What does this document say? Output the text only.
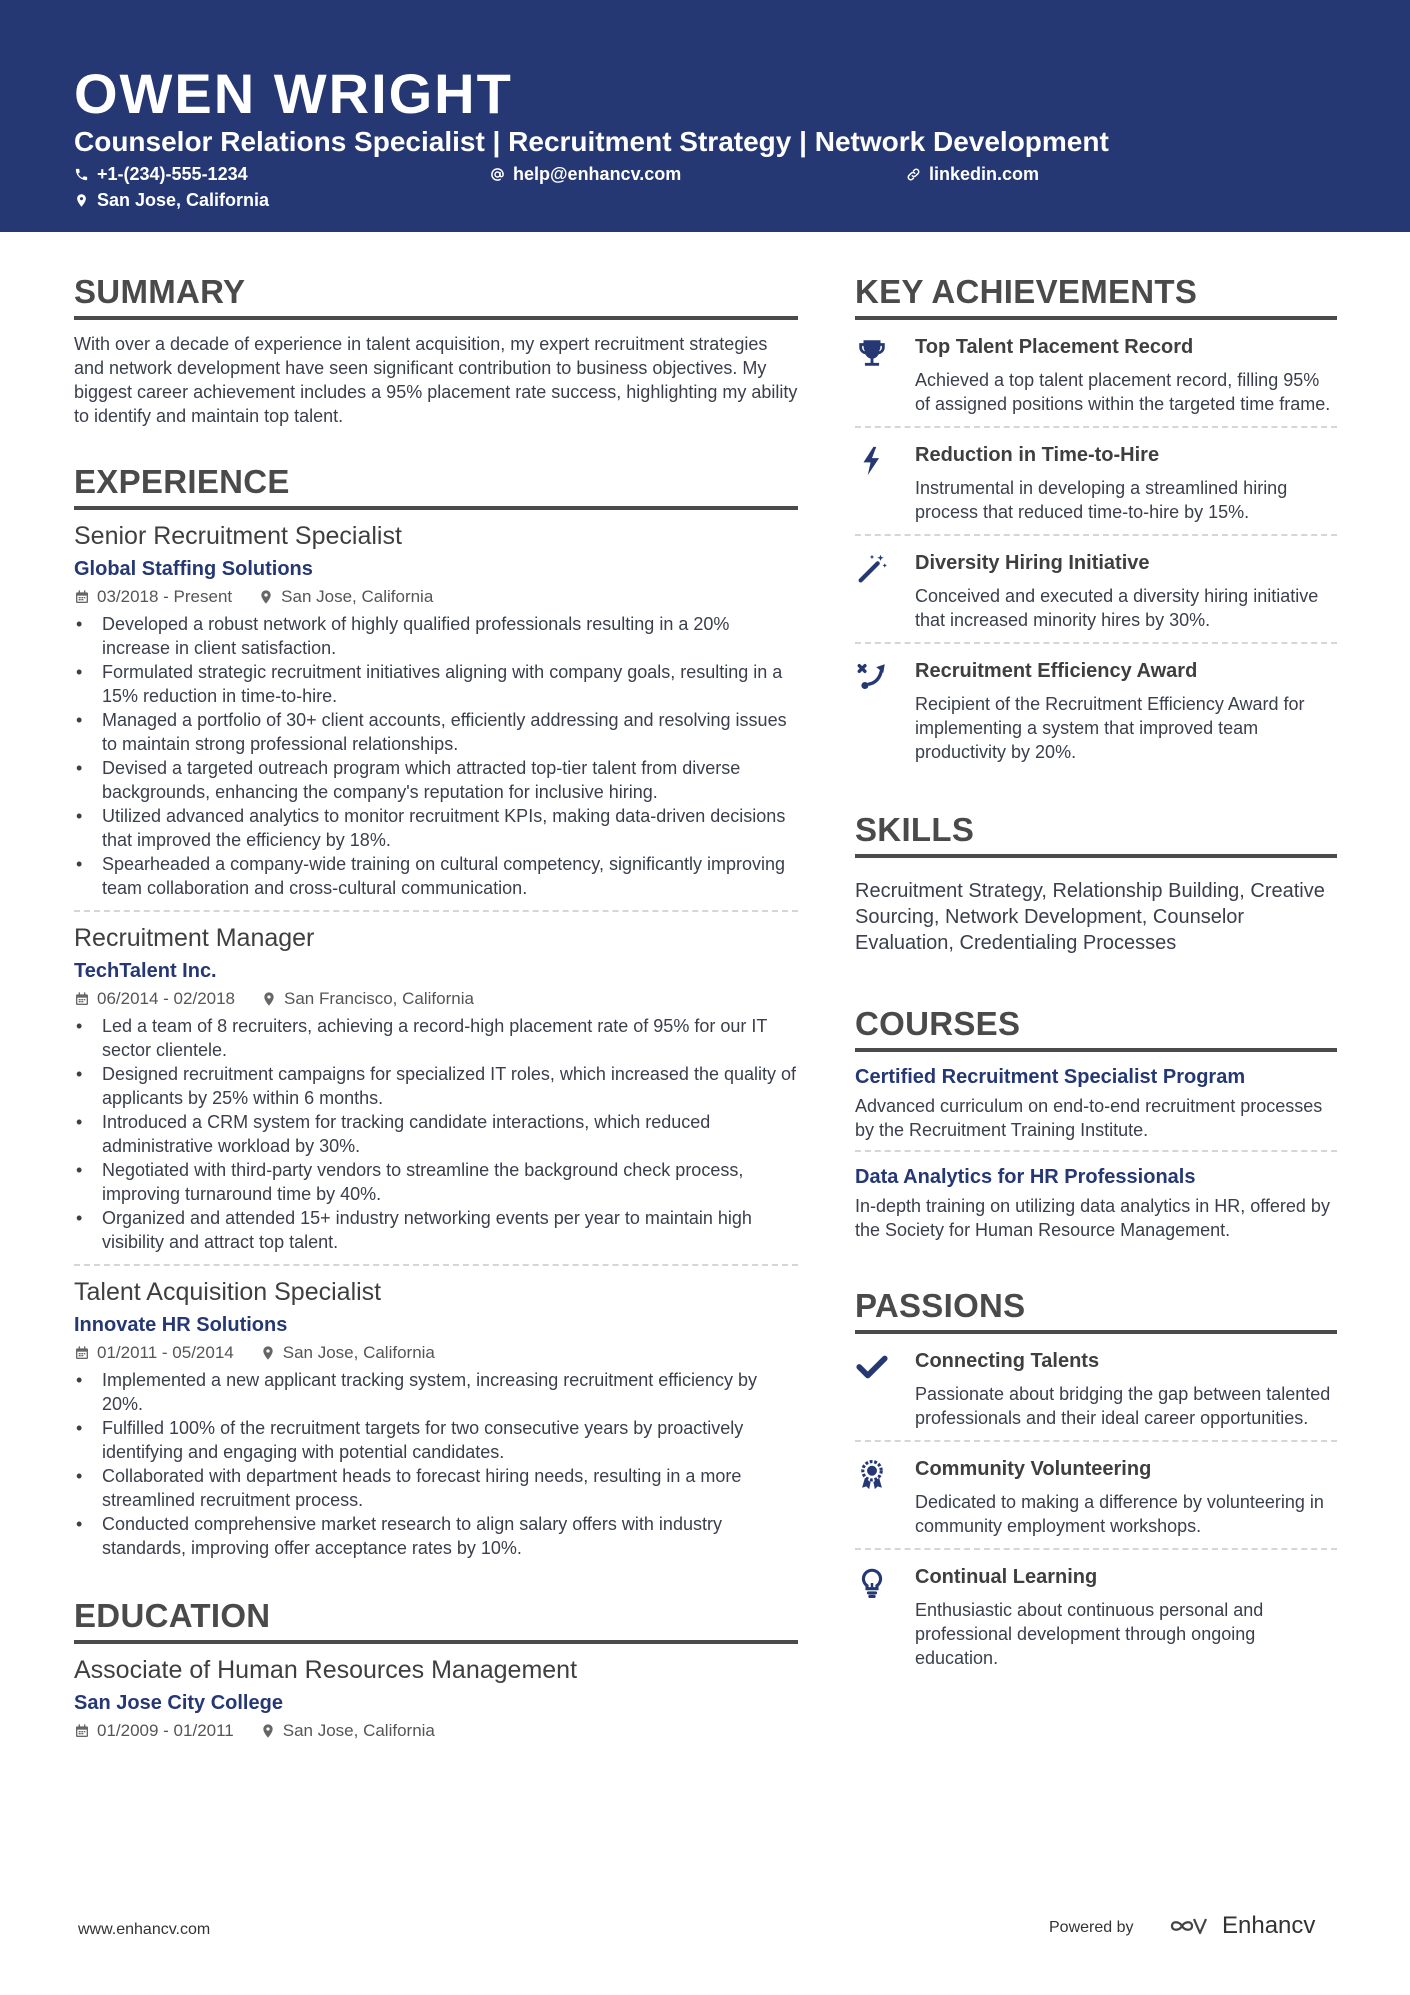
OWEN WRIGHT
Counselor Relations Specialist | Recruitment Strategy | Network Development
+1-(234)-555-1234	help@enhancv.com	linkedin.com
San Jose, California
SUMMARY
With over a decade of experience in talent acquisition, my expert recruitment strategies and network development have seen significant contribution to business objectives. My biggest career achievement includes a 95% placement rate success, highlighting my ability to identify and maintain top talent.
EXPERIENCE
Senior Recruitment Specialist
Global Staffing Solutions
03/2018 - Present	San Jose, California
• Developed a robust network of highly qualified professionals resulting in a 20% increase in client satisfaction.
• Formulated strategic recruitment initiatives aligning with company goals, resulting in a 15% reduction in time-to-hire.
• Managed a portfolio of 30+ client accounts, efficiently addressing and resolving issues to maintain strong professional relationships.
• Devised a targeted outreach program which attracted top-tier talent from diverse backgrounds, enhancing the company's reputation for inclusive hiring.
• Utilized advanced analytics to monitor recruitment KPIs, making data-driven decisions that improved the efficiency by 18%.
• Spearheaded a company-wide training on cultural competency, significantly improving team collaboration and cross-cultural communication.
Recruitment Manager
TechTalent Inc.
06/2014 - 02/2018	San Francisco, California
• Led a team of 8 recruiters, achieving a record-high placement rate of 95% for our IT sector clientele.
• Designed recruitment campaigns for specialized IT roles, which increased the quality of applicants by 25% within 6 months.
• Introduced a CRM system for tracking candidate interactions, which reduced administrative workload by 30%.
• Negotiated with third-party vendors to streamline the background check process, improving turnaround time by 40%.
• Organized and attended 15+ industry networking events per year to maintain high visibility and attract top talent.
Talent Acquisition Specialist
Innovate HR Solutions
01/2011 - 05/2014	San Jose, California
• Implemented a new applicant tracking system, increasing recruitment efficiency by 20%.
• Fulfilled 100% of the recruitment targets for two consecutive years by proactively identifying and engaging with potential candidates.
• Collaborated with department heads to forecast hiring needs, resulting in a more streamlined recruitment process.
• Conducted comprehensive market research to align salary offers with industry standards, improving offer acceptance rates by 10%.
EDUCATION
Associate of Human Resources Management
San Jose City College
01/2009 - 01/2011	San Jose, California
KEY ACHIEVEMENTS
Top Talent Placement Record
Achieved a top talent placement record, filling 95% of assigned positions within the targeted time frame.
Reduction in Time-to-Hire
Instrumental in developing a streamlined hiring process that reduced time-to-hire by 15%.
Diversity Hiring Initiative
Conceived and executed a diversity hiring initiative that increased minority hires by 30%.
Recruitment Efficiency Award
Recipient of the Recruitment Efficiency Award for implementing a system that improved team productivity by 20%.
SKILLS
Recruitment Strategy, Relationship Building, Creative Sourcing, Network Development, Counselor Evaluation, Credentialing Processes
COURSES
Certified Recruitment Specialist Program
Advanced curriculum on end-to-end recruitment processes by the Recruitment Training Institute.
Data Analytics for HR Professionals
In-depth training on utilizing data analytics in HR, offered by the Society for Human Resource Management.
PASSIONS
Connecting Talents
Passionate about bridging the gap between talented professionals and their ideal career opportunities.
Community Volunteering
Dedicated to making a difference by volunteering in community employment workshops.
Continual Learning
Enthusiastic about continuous personal and professional development through ongoing education.
www.enhancv.com	Powered by	Enhancv
